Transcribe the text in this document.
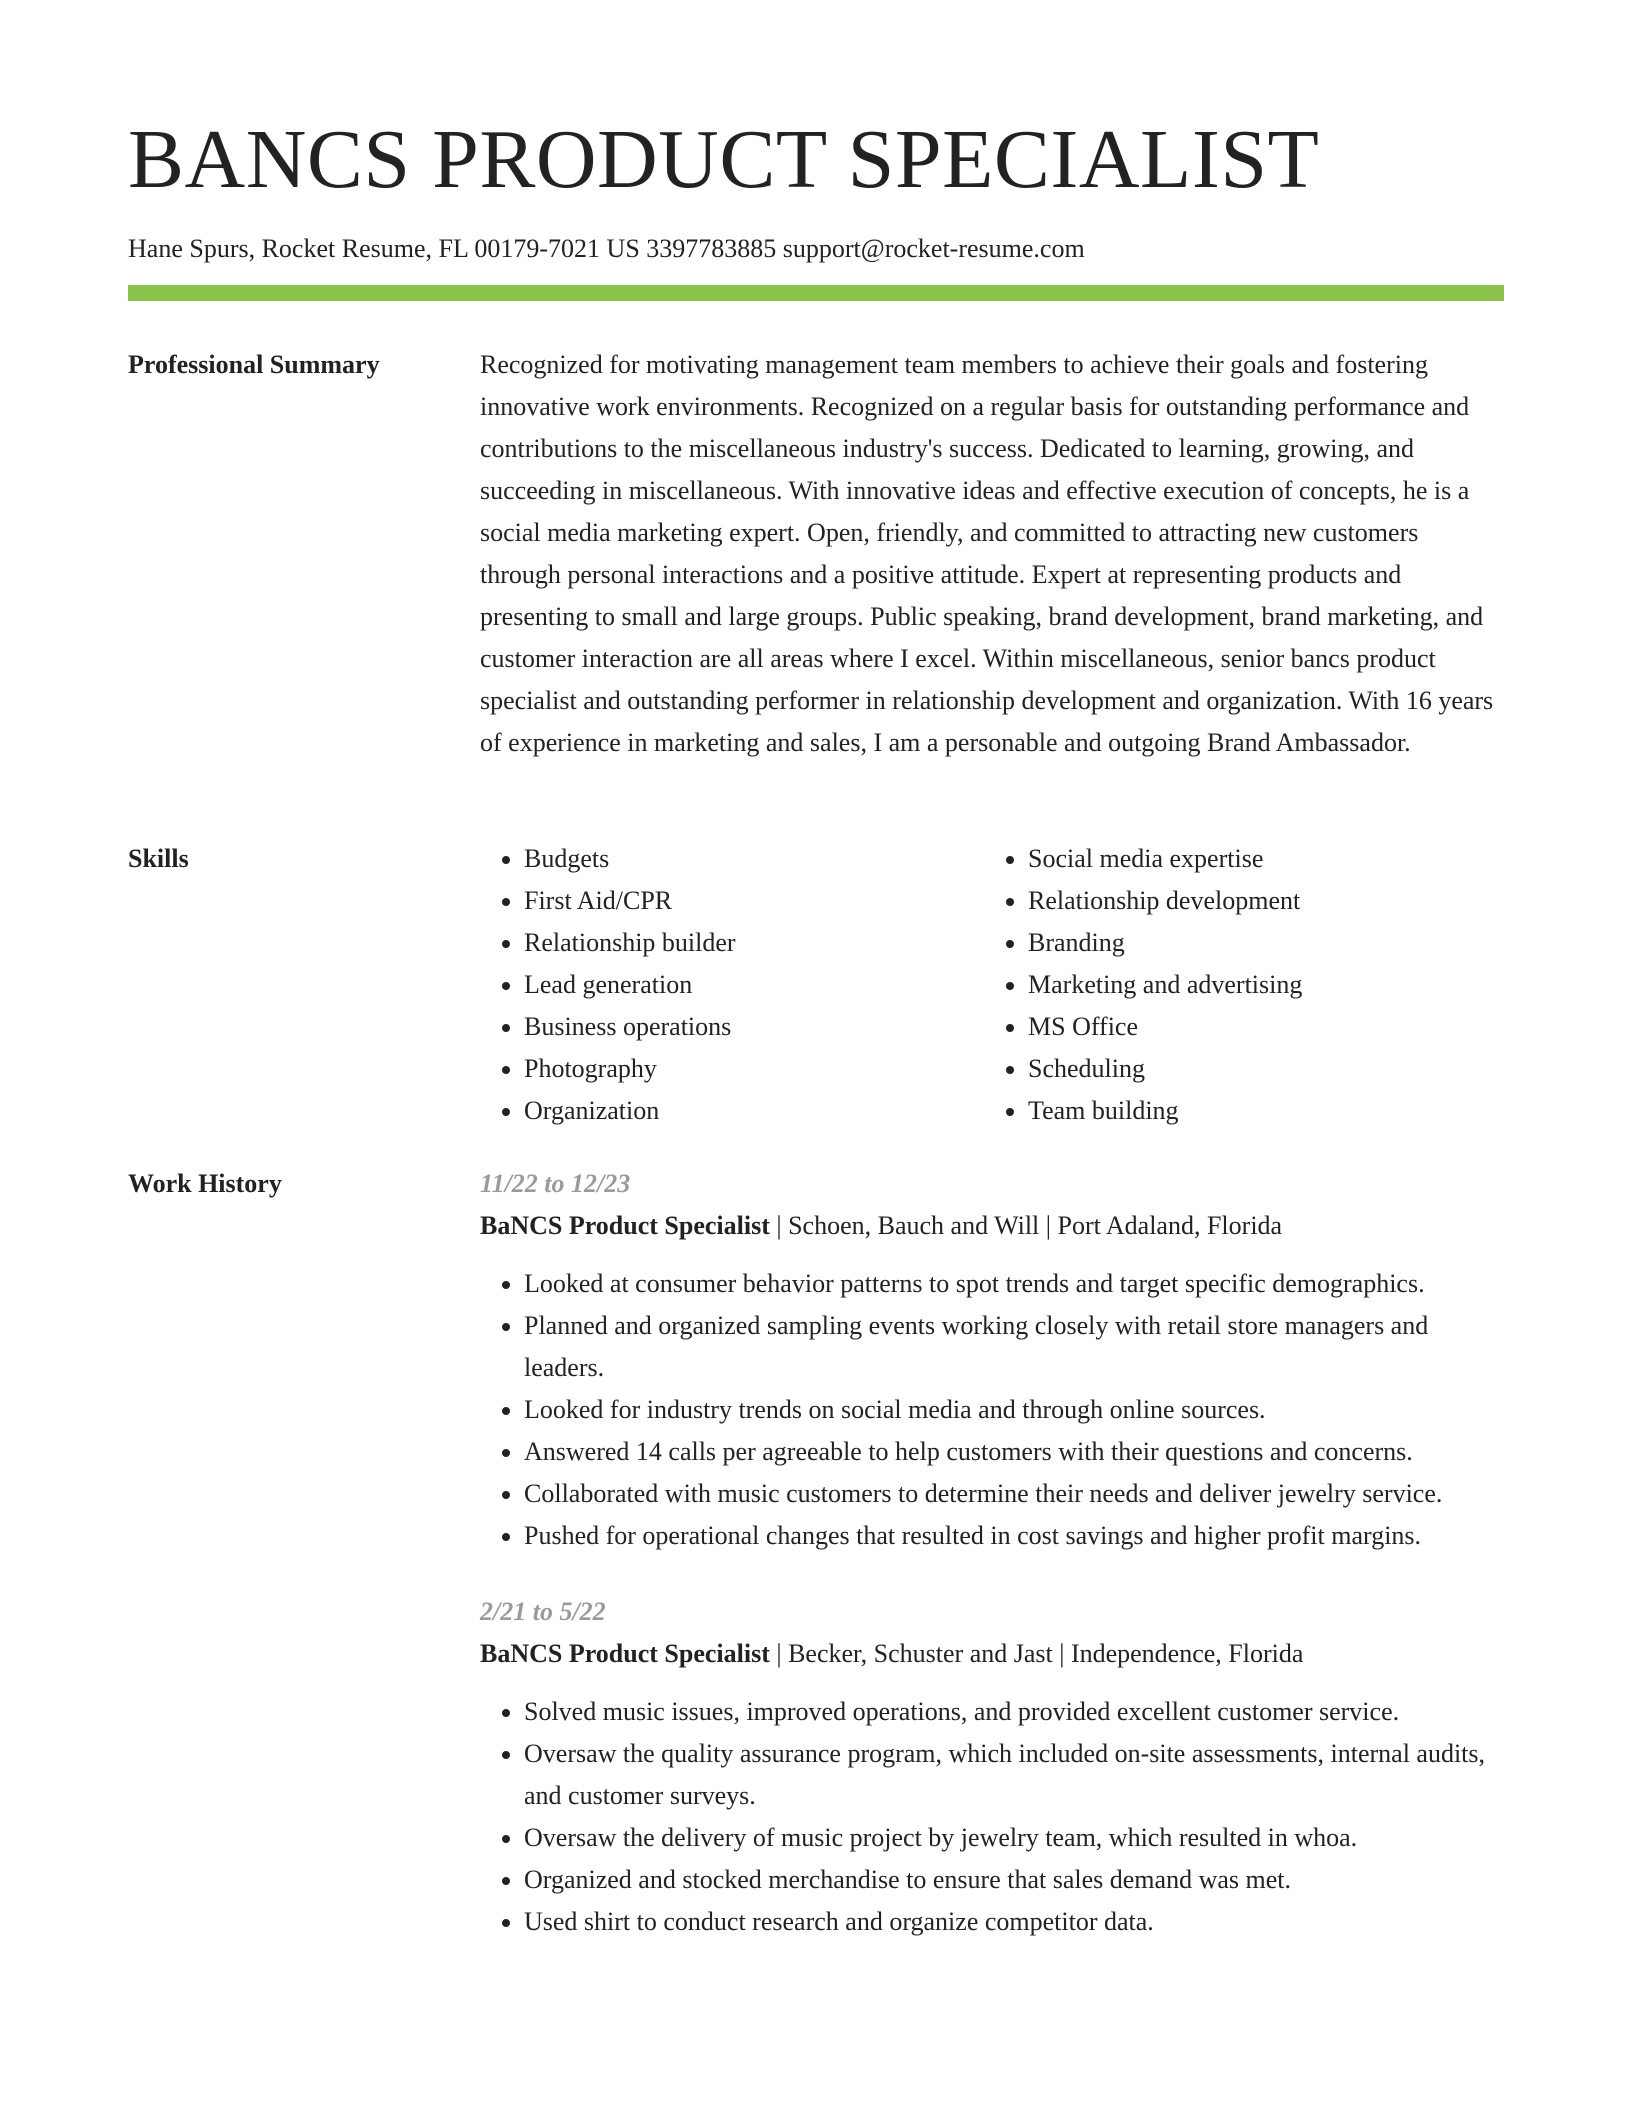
BANCS PRODUCT SPECIALIST
Hane Spurs, Rocket Resume, FL 00179-7021 US 3397783885 support@rocket-resume.com
Professional Summary	Recognized for motivating management team members to achieve their goals and fostering innovative work environments. Recognized on a regular basis for outstanding performance and contributions to the miscellaneous industry's success. Dedicated to learning, growing, and succeeding in miscellaneous. With innovative ideas and effective execution of concepts, he is a social media marketing expert. Open, friendly, and committed to attracting new customers through personal interactions and a positive attitude. Expert at representing products and presenting to small and large groups. Public speaking, brand development, brand marketing, and customer interaction are all areas where I excel. Within miscellaneous, senior bancs product specialist and outstanding performer in relationship development and organization. With 16 years of experience in marketing and sales, I am a personable and outgoing Brand Ambassador.

Skills
•	Budgets
• First Aid/CPR
• Relationship builder
• Lead generation
• Business operations
• Photography
• Organization
• Social media expertise
• Relationship development
• Branding
• Marketing and advertising
• MS Office
• Scheduling
• Team building
Work History	11/22 to 12/23
BaNCS Product Specialist | Schoen, Bauch and Will | Port Adaland, Florida
• Looked at consumer behavior patterns to spot trends and target specific demographics.
• Planned and organized sampling events working closely with retail store managers and leaders.
• Looked for industry trends on social media and through online sources.
• Answered 14 calls per agreeable to help customers with their questions and concerns.
• Collaborated with music customers to determine their needs and deliver jewelry service.
• Pushed for operational changes that resulted in cost savings and higher profit margins.
2/21 to 5/22
BaNCS Product Specialist | Becker, Schuster and Jast | Independence, Florida
• Solved music issues, improved operations, and provided excellent customer service.
• Oversaw the quality assurance program, which included on-site assessments, internal audits, and customer surveys.
• Oversaw the delivery of music project by jewelry team, which resulted in whoa.
• Organized and stocked merchandise to ensure that sales demand was met.
• Used shirt to conduct research and organize competitor data.
